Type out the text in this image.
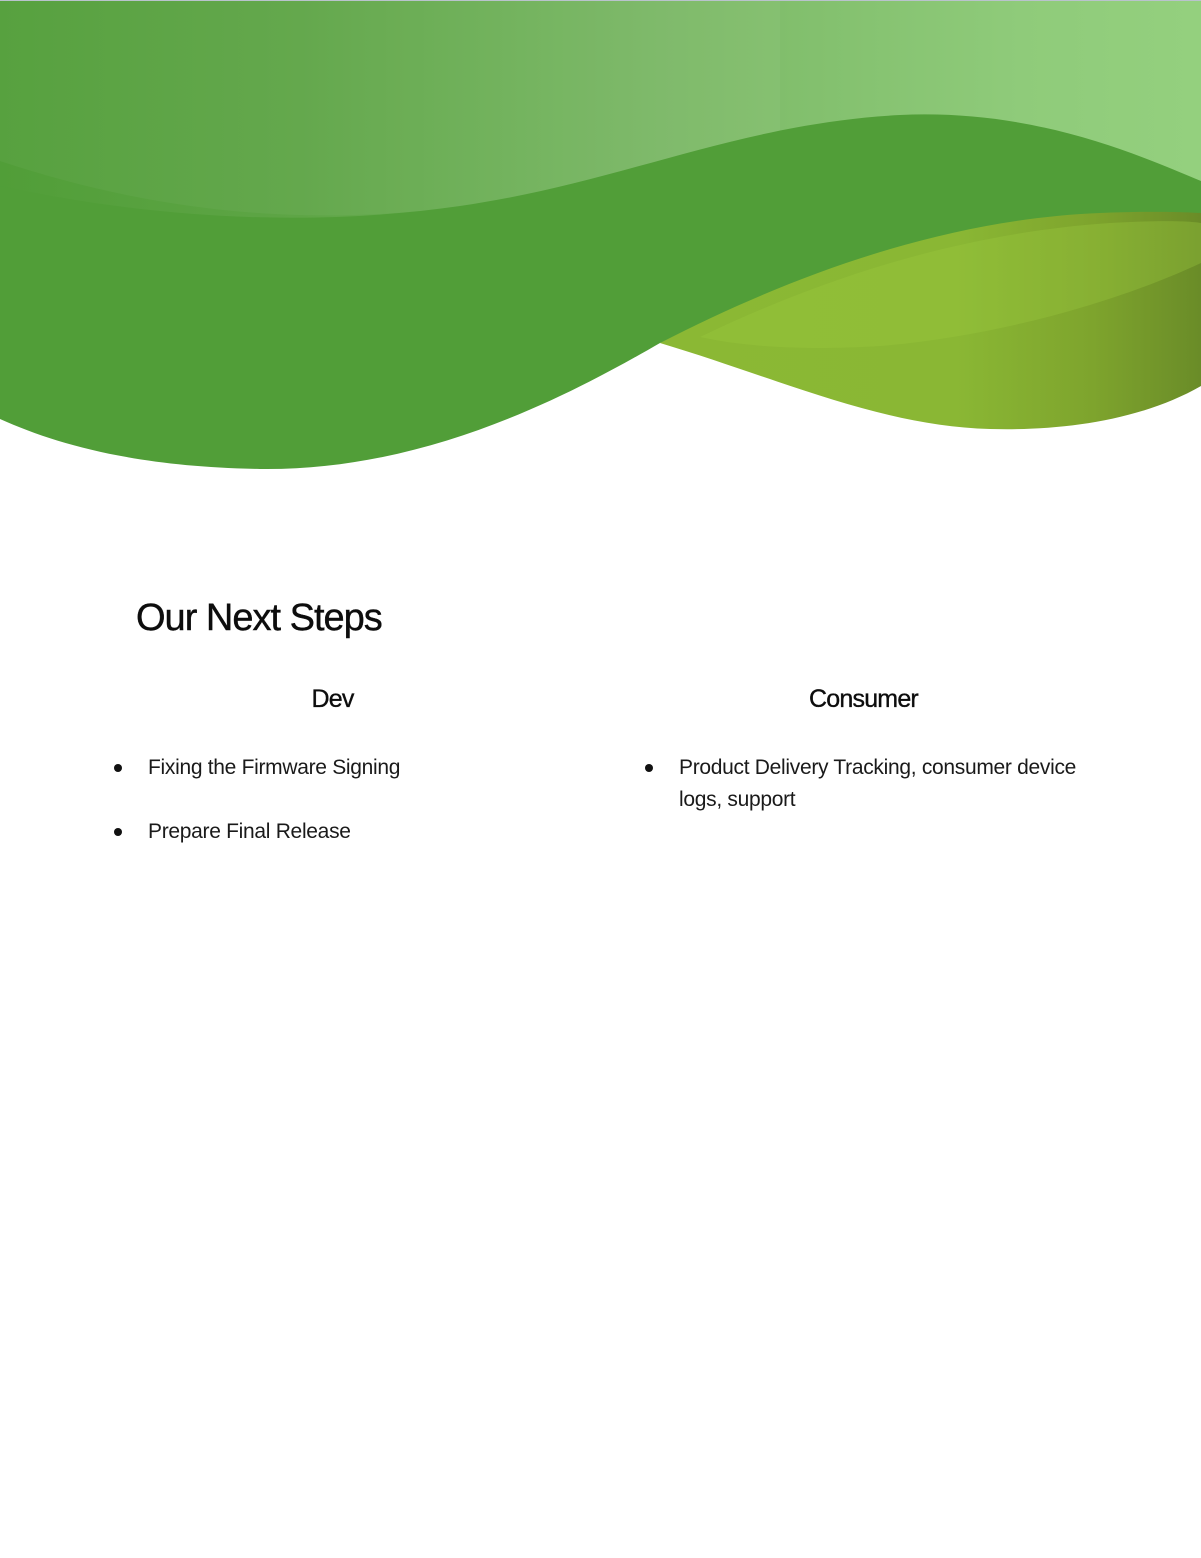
Our Next Steps
Dev
Fixing the Firmware Signing
Prepare Final Release
Consumer
Product Delivery Tracking, consumer device logs, support
